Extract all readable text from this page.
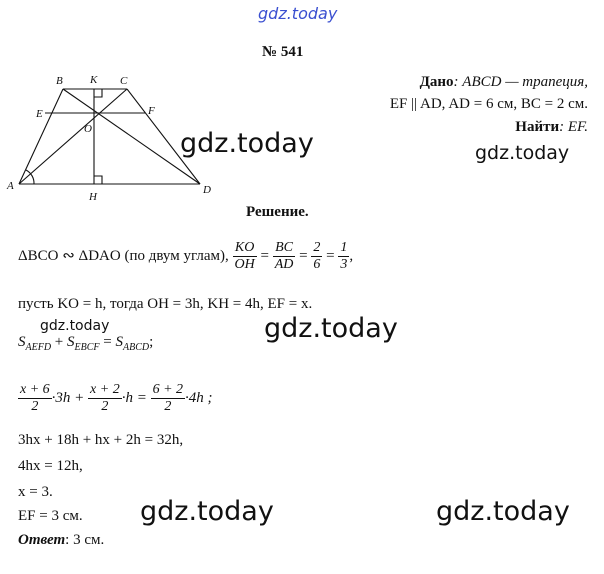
gdz.today
№ 541
A
B K C
E	F
O
H
D
Дано: ABCD — трапеция,
EF || AD, AD = 6 см, BC = 2 см.
Найти: EF.
gdz.today	gdz.today
Решение.
ΔBCO ∾ ΔDAO (по двум углам), $\frac{KO}{OH} = \frac{BC}{AD} = \frac{2}{6} = \frac{1}{3}$ ,
пусть KO = h, тогда OH = 3h, KH = 4h, EF = x.
gdz.today	gdz.today
$S_{AEFD} + S_{EBCF} = S_{ABCD}$;
$\frac{x + 6}{2} \cdot 3h + \frac{x + 2}{2} \cdot h = \frac{6 + 2}{2} \cdot 4h$ ;
3hx + 18h + hx + 2h = 32h,
4hx = 12h,
x = 3.
EF = 3 см.
Ответ: 3 см.
gdz.today	gdz.today
